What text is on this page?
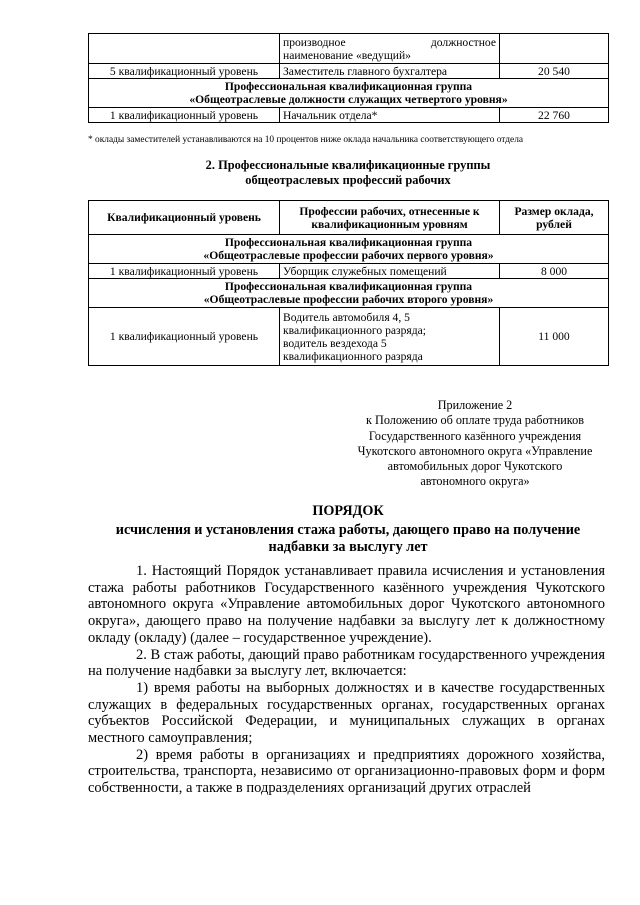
	производное должностное
наименование «ведущий»	
5 квалификационный уровень	Заместитель главного бухгалтера	20 540

Профессиональная квалификационная группа
«Общеотраслевые должности служащих четвертого уровня»		

1 квалификационный уровень	Начальник отдела*	22 760
* оклады заместителей устанавливаются на 10 процентов ниже оклада начальника соответствующего отдела
2. Профессиональные квалификационные группы
общеотраслевых профессий рабочих
Квалификационный уровень	Профессии рабочих, отнесенные к квалификационным уровням	Размер оклада, рублей

Профессиональная квалификационная группа
«Общеотраслевые профессии рабочих первого уровня»		

1 квалификационный уровень	Уборщик служебных помещений	8 000

Профессиональная квалификационная группа
«Общеотраслевые профессии рабочих второго уровня»		

1 квалификационный уровень	Водитель автомобиля 4, 5
квалификационного разряда;
водитель вездехода 5
квалификационного разряда	11 000
Приложение 2
к Положению об оплате труда работников
Государственного казённого учреждения
Чукотского автономного округа «Управление
автомобильных дорог Чукотского
автономного округа»
ПОРЯДОК
исчисления и установления стажа работы, дающего право на получение
надбавки за выслугу лет

1. Настоящий Порядок устанавливает правила исчисления и установления стажа работы работников Государственного казённого учреждения Чукотского автономного округа «Управление автомобильных дорог Чукотского автономного округа», дающего право на получение надбавки за выслугу лет к должностному окладу (окладу) (далее – государственное учреждение).

2. В стаж работы, дающий право работникам государственного учреждения на получение надбавки за выслугу лет, включается:

1) время работы на выборных должностях и в качестве государственных служащих в федеральных государственных органах, государственных органах субъектов Российской Федерации, и муниципальных служащих в органах местного самоуправления;

2) время работы в организациях и предприятиях дорожного хозяйства, строительства, транспорта, независимо от организационно-правовых форм и форм собственности, а также в подразделениях организаций других отраслей
